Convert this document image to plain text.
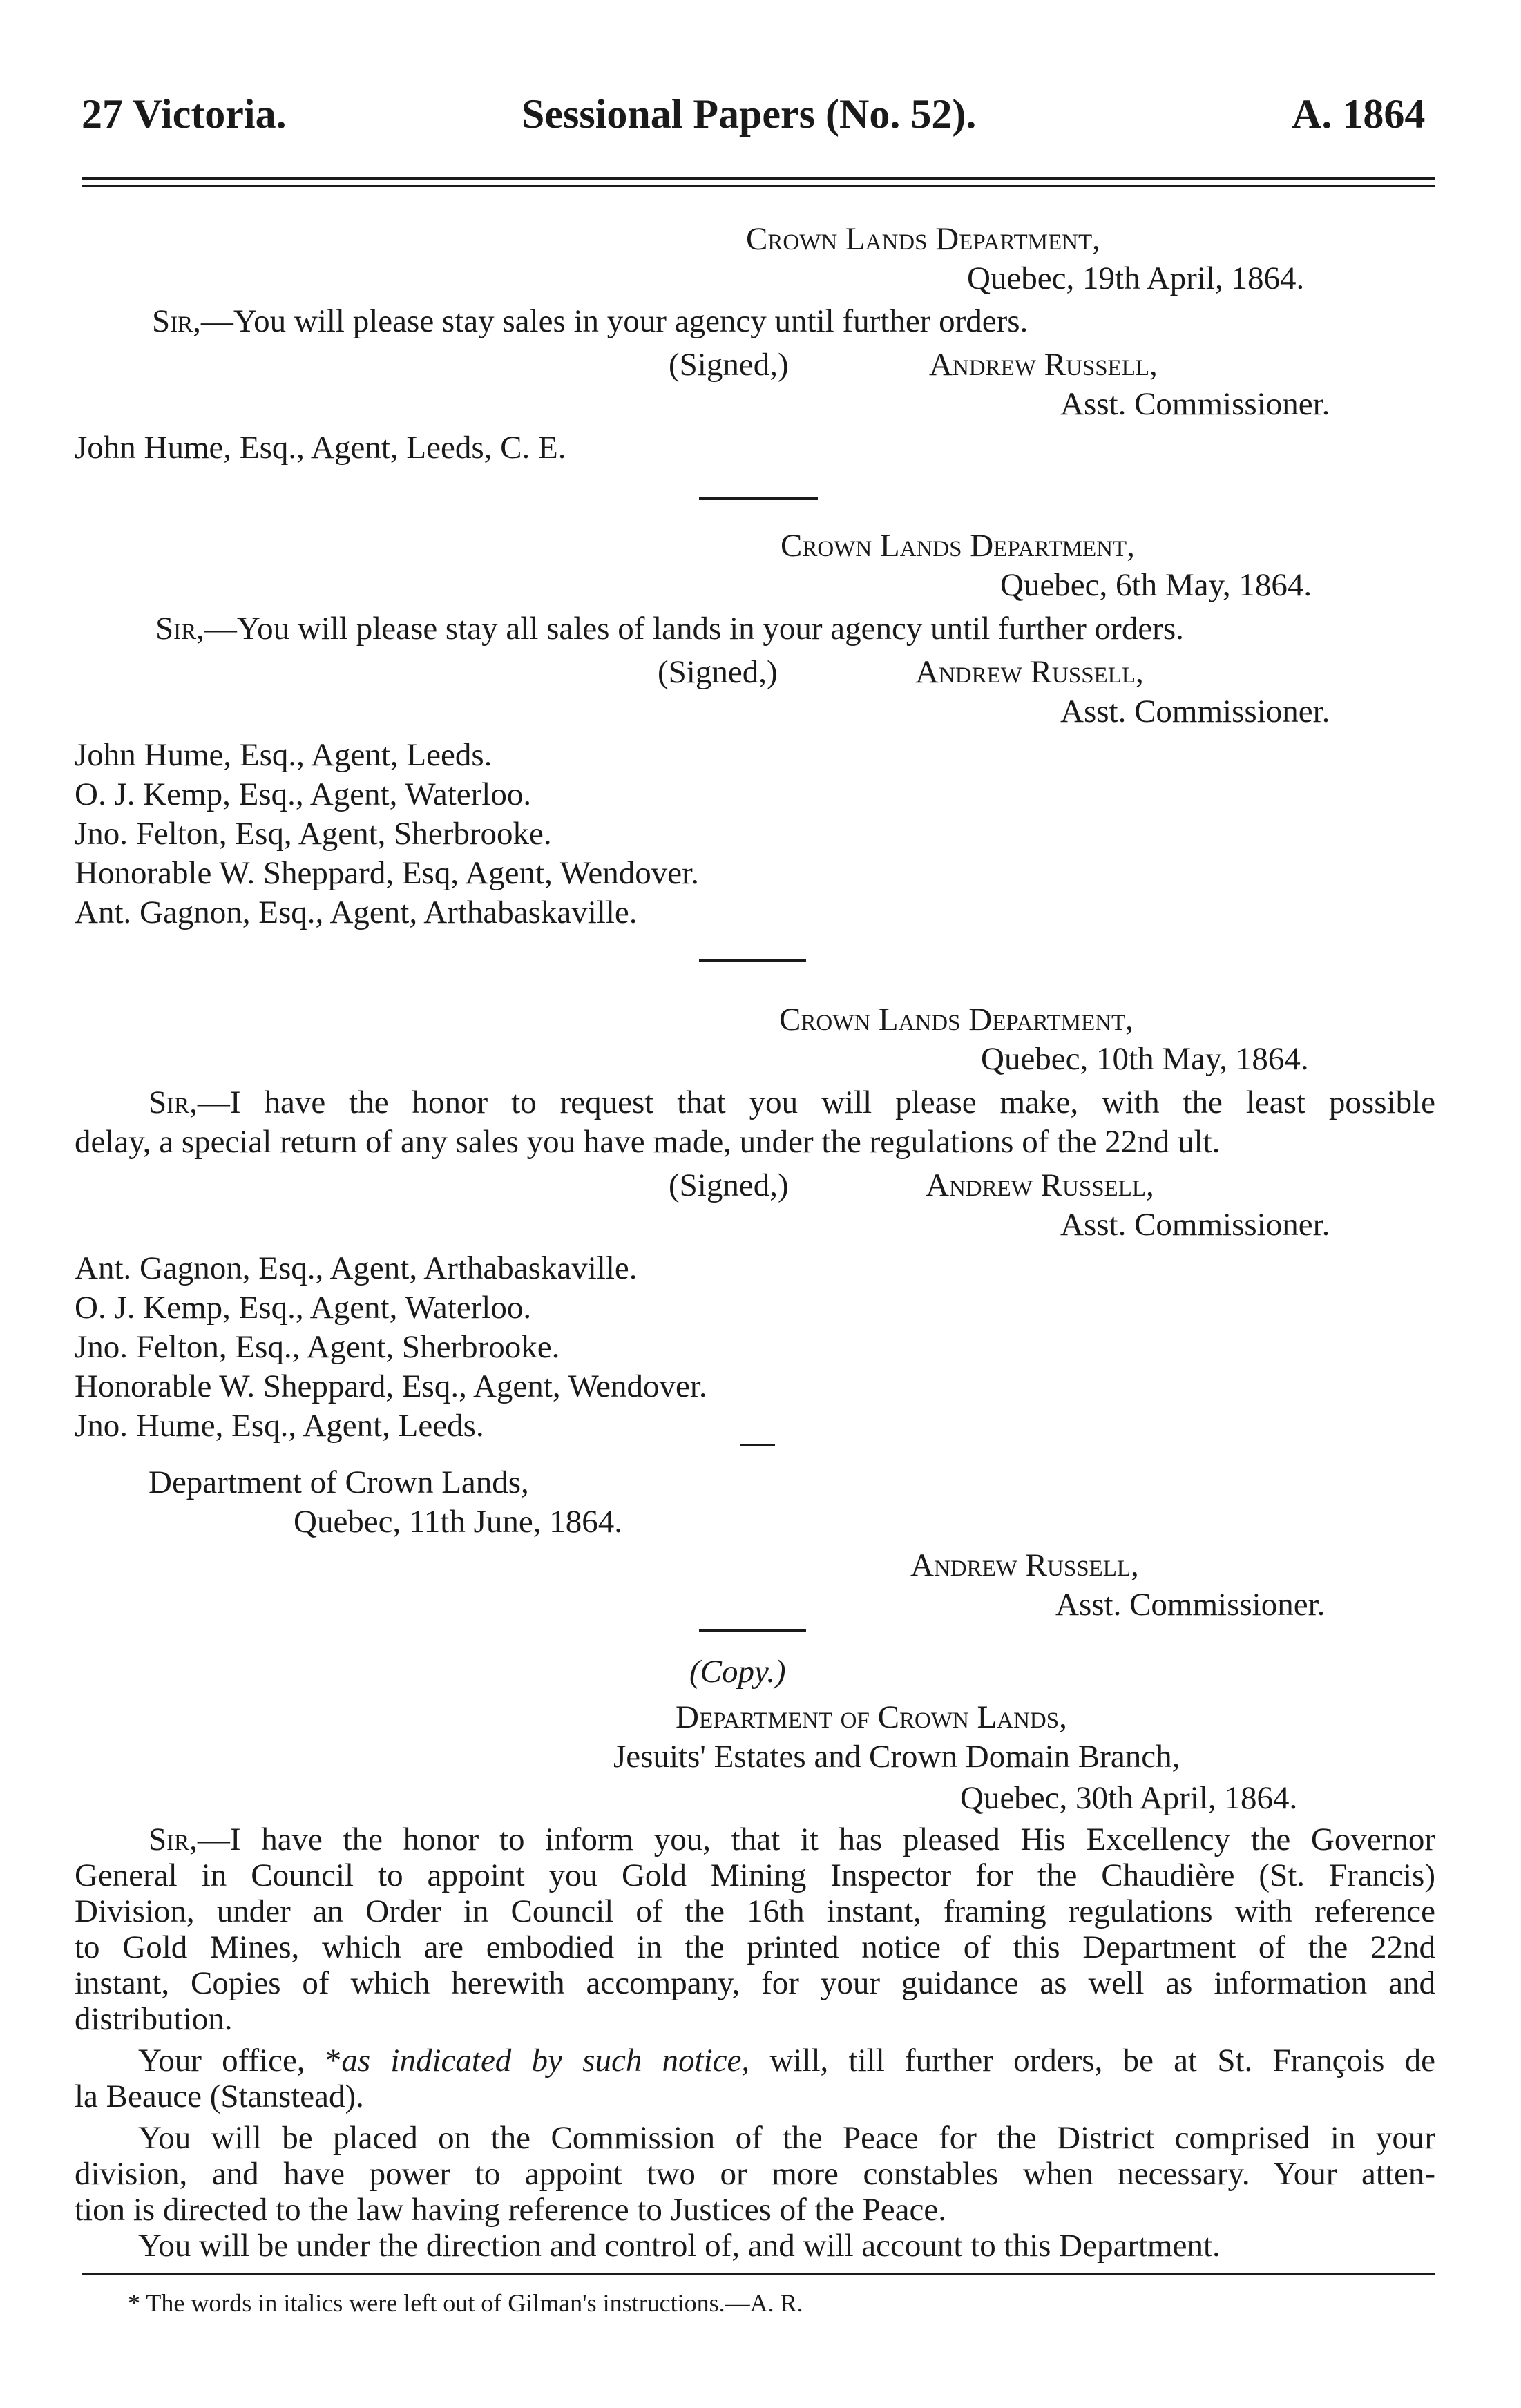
27 Victoria.	Sessional Papers (No. 52).	A. 1864
Crown Lands Department,
Quebec, 19th April, 1864.
Sir,—You will please stay sales in your agency until further orders.
(Signed,)	Andrew Russell,
Asst. Commissioner.
John Hume, Esq., Agent, Leeds, C. E.
Crown Lands Department,
Quebec, 6th May, 1864.
Sir,—You will please stay all sales of lands in your agency until further orders.
(Signed,)	Andrew Russell,
Asst. Commissioner.
John Hume, Esq., Agent, Leeds.
O. J. Kemp, Esq., Agent, Waterloo.
Jno. Felton, Esq, Agent, Sherbrooke.
Honorable W. Sheppard, Esq, Agent, Wendover.
Ant. Gagnon, Esq., Agent, Arthabaskaville.
Crown Lands Department,
Quebec, 10th May, 1864.
Sir,—I have the honor to request that you will please make, with the least possible
delay, a special return of any sales you have made, under the regulations of the 22nd ult.
(Signed,)	Andrew Russell,
Asst. Commissioner.
Ant. Gagnon, Esq., Agent, Arthabaskaville.
O. J. Kemp, Esq., Agent, Waterloo.
Jno. Felton, Esq., Agent, Sherbrooke.
Honorable W. Sheppard, Esq., Agent, Wendover.
Jno. Hume, Esq., Agent, Leeds.
Department of Crown Lands,
Quebec, 11th June, 1864.
Andrew Russell,
Asst. Commissioner.
(Copy.)
Department of Crown Lands,
Jesuits' Estates and Crown Domain Branch,
Quebec, 30th April, 1864.
Sir,—I have the honor to inform you, that it has pleased His Excellency the Governor
General in Council to appoint you Gold Mining Inspector for the Chaudière (St. Francis)
Division, under an Order in Council of the 16th instant, framing regulations with reference
to Gold Mines, which are embodied in the printed notice of this Department of the 22nd
instant, Copies of which herewith accompany, for your guidance as well as information and
distribution.
Your office, *as indicated by such notice, will, till further orders, be at St. François de
la Beauce (Stanstead).
You will be placed on the Commission of the Peace for the District comprised in your
division, and have power to appoint two or more constables when necessary. Your atten-
tion is directed to the law having reference to Justices of the Peace.
You will be under the direction and control of, and will account to this Department.
* The words in italics were left out of Gilman's instructions.—A. R.
